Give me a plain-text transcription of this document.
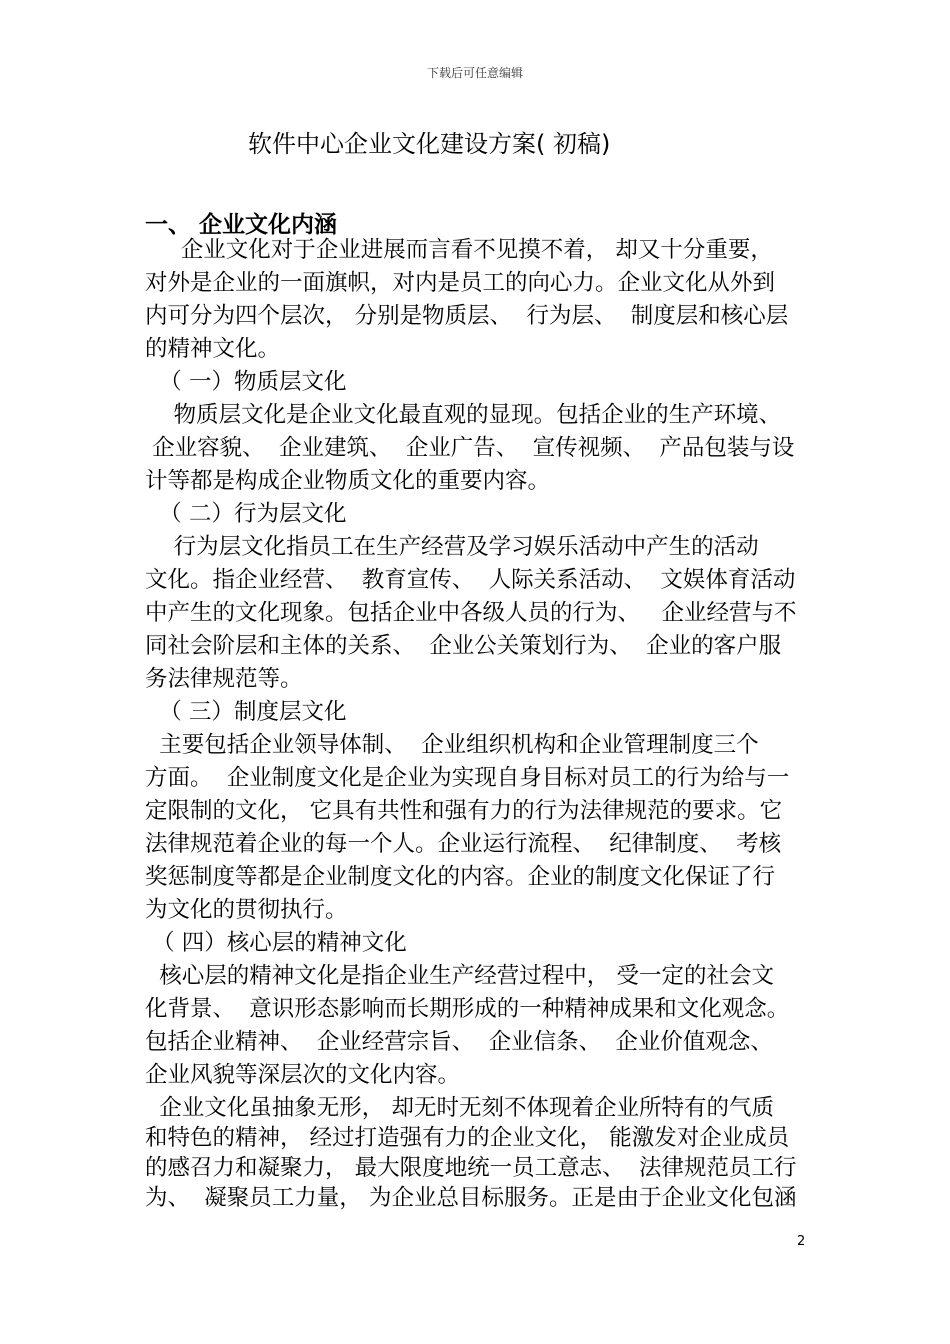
下载后可任意编辑
软件中心企业文化建设方案( 初稿)
一、 企业文化内涵
企业文化对于企业进展而言看不见摸不着， 却又十分重要，
对外是企业的一面旗帜，对内是员工的向心力。企业文化从外到
内可分为四个层次， 分别是物质层、  行为层、  制度层和核心层
的精神文化。
（ 一）物质层文化
物质层文化是企业文化最直观的显现。包括企业的生产环境、
企业容貌、  企业建筑、  企业广告、  宣传视频、  产品包装与设
计等都是构成企业物质文化的重要内容。
（ 二）行为层文化
行为层文化指员工在生产经营及学习娱乐活动中产生的活动
文化。指企业经营、  教育宣传、  人际关系活动、  文娱体育活动
中产生的文化现象。包括企业中各级人员的行为、   企业经营与不
同社会阶层和主体的关系、  企业公关策划行为、  企业的客户服
务法律规范等。
（ 三）制度层文化
主要包括企业领导体制、  企业组织机构和企业管理制度三个
方面。  企业制度文化是企业为实现自身目标对员工的行为给与一
定限制的文化， 它具有共性和强有力的行为法律规范的要求。它
法律规范着企业的每一个人。企业运行流程、  纪律制度、  考核
奖惩制度等都是企业制度文化的内容。企业的制度文化保证了行
为文化的贯彻执行。
（ 四）核心层的精神文化
核心层的精神文化是指企业生产经营过程中， 受一定的社会文
化背景、  意识形态影响而长期形成的一种精神成果和文化观念。
包括企业精神、  企业经营宗旨、  企业信条、  企业价值观念、
企业风貌等深层次的文化内容。
企业文化虽抽象无形， 却无时无刻不体现着企业所特有的气质
和特色的精神， 经过打造强有力的企业文化， 能激发对企业成员
的感召力和凝聚力， 最大限度地统一员工意志、  法律规范员工行
为、  凝聚员工力量， 为企业总目标服务。正是由于企业文化包涵
2
